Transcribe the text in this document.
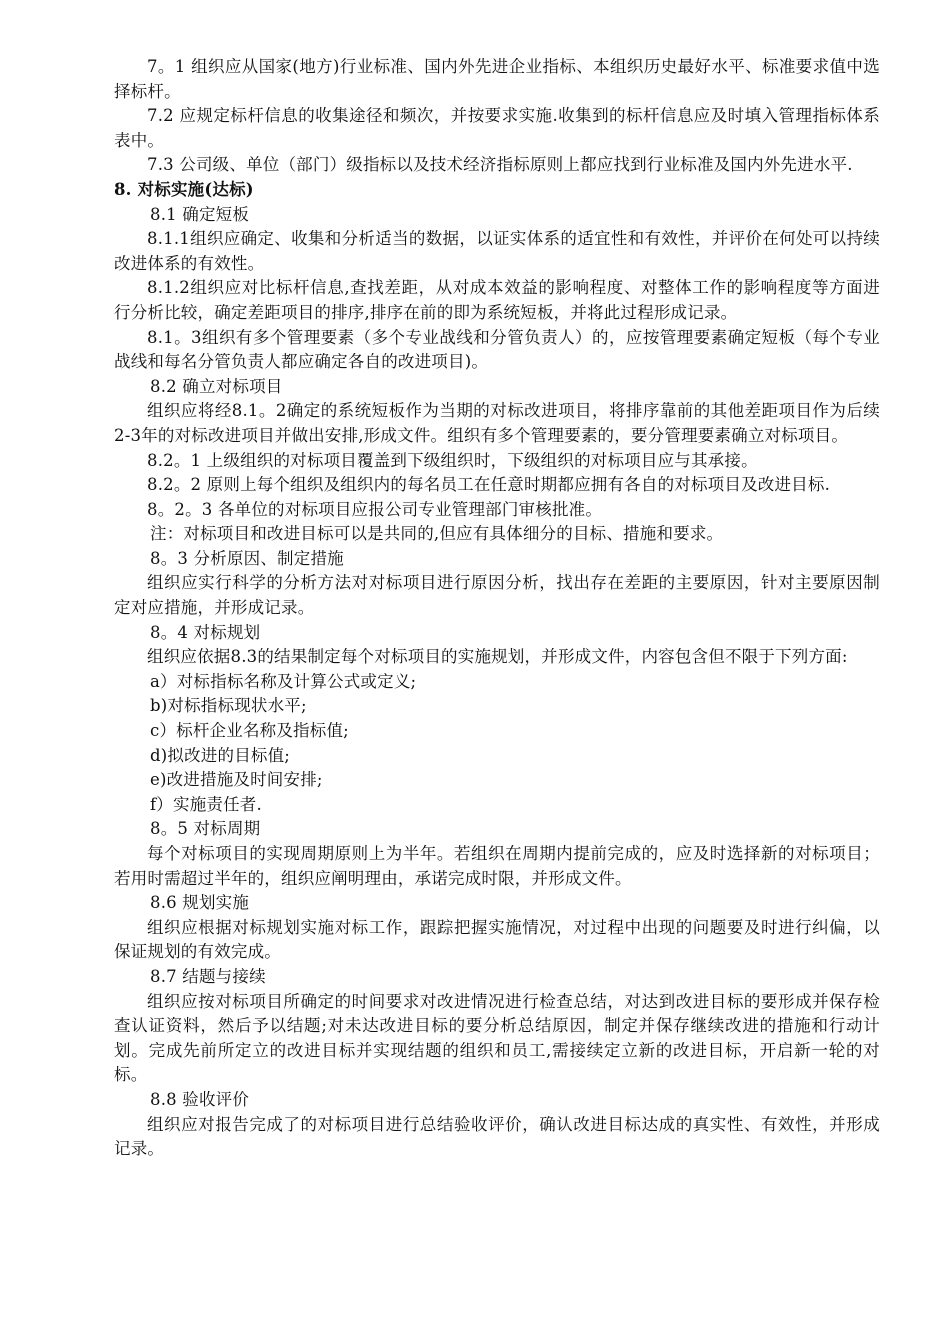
7。1 组织应从国家(地方)行业标准、国内外先进企业指标、本组织历史最好水平、标准要求值中选择标杆。

7.2 应规定标杆信息的收集途径和频次，并按要求实施.收集到的标杆信息应及时填入管理指标体系表中。

7.3 公司级、单位（部门）级指标以及技术经济指标原则上都应找到行业标准及国内外先进水平.

8. 对标实施(达标)

8.1 确定短板

8.1.1组织应确定、收集和分析适当的数据，以证实体系的适宜性和有效性，并评价在何处可以持续改进体系的有效性。

8.1.2组织应对比标杆信息,查找差距，从对成本效益的影响程度、对整体工作的影响程度等方面进行分析比较，确定差距项目的排序,排序在前的即为系统短板，并将此过程形成记录。

8.1。3组织有多个管理要素（多个专业战线和分管负责人）的，应按管理要素确定短板（每个专业战线和每名分管负责人都应确定各自的改进项目)。

8.2 确立对标项目

组织应将经8.1。2确定的系统短板作为当期的对标改进项目，将排序靠前的其他差距项目作为后续2-3年的对标改进项目并做出安排,形成文件。组织有多个管理要素的，要分管理要素确立对标项目。

8.2。1 上级组织的对标项目覆盖到下级组织时，下级组织的对标项目应与其承接。

8.2。2 原则上每个组织及组织内的每名员工在任意时期都应拥有各自的对标项目及改进目标.

8。2。3 各单位的对标项目应报公司专业管理部门审核批准。

注：对标项目和改进目标可以是共同的,但应有具体细分的目标、措施和要求。

8。3 分析原因、制定措施

组织应实行科学的分析方法对对标项目进行原因分析，找出存在差距的主要原因，针对主要原因制定对应措施，并形成记录。

8。4 对标规划

组织应依据8.3的结果制定每个对标项目的实施规划，并形成文件，内容包含但不限于下列方面:

a）对标指标名称及计算公式或定义;

b)对标指标现状水平;

c）标杆企业名称及指标值;

d)拟改进的目标值;

e)改进措施及时间安排;

f）实施责任者.

8。5 对标周期

每个对标项目的实现周期原则上为半年。若组织在周期内提前完成的，应及时选择新的对标项目；若用时需超过半年的，组织应阐明理由，承诺完成时限，并形成文件。

8.6 规划实施

组织应根据对标规划实施对标工作，跟踪把握实施情况，对过程中出现的问题要及时进行纠偏，以保证规划的有效完成。

8.7 结题与接续

组织应按对标项目所确定的时间要求对改进情况进行检查总结，对达到改进目标的要形成并保存检查认证资料，然后予以结题;对未达改进目标的要分析总结原因，制定并保存继续改进的措施和行动计划。完成先前所定立的改进目标并实现结题的组织和员工,需接续定立新的改进目标，开启新一轮的对标。

8.8 验收评价

组织应对报告完成了的对标项目进行总结验收评价，确认改进目标达成的真实性、有效性，并形成记录。
